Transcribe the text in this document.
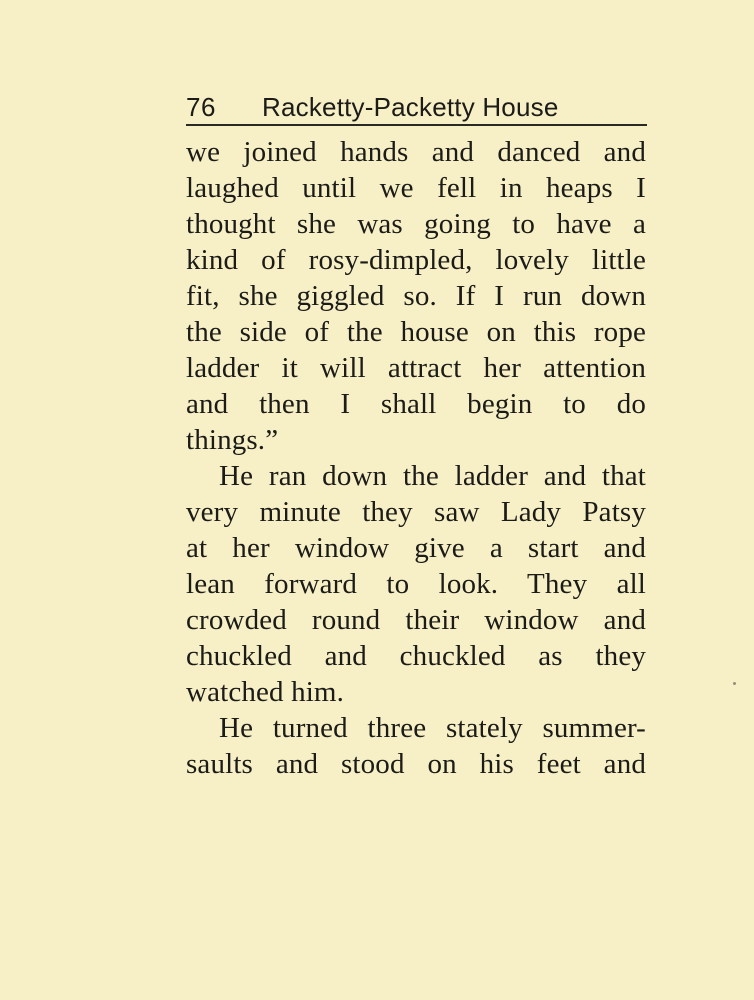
76 Racketty-Packetty House
we joined hands and danced and
laughed until we fell in heaps I
thought she was going to have a
kind of rosy-dimpled, lovely little
fit, she giggled so. If I run down
the side of the house on this rope
ladder it will attract her attention
and then I shall begin to do
things.”
He ran down the ladder and that
very minute they saw Lady Patsy
at her window give a start and
lean forward to look. They all
crowded round their window and
chuckled and chuckled as they
watched him.
He turned three stately summer-
saults and stood on his feet and
